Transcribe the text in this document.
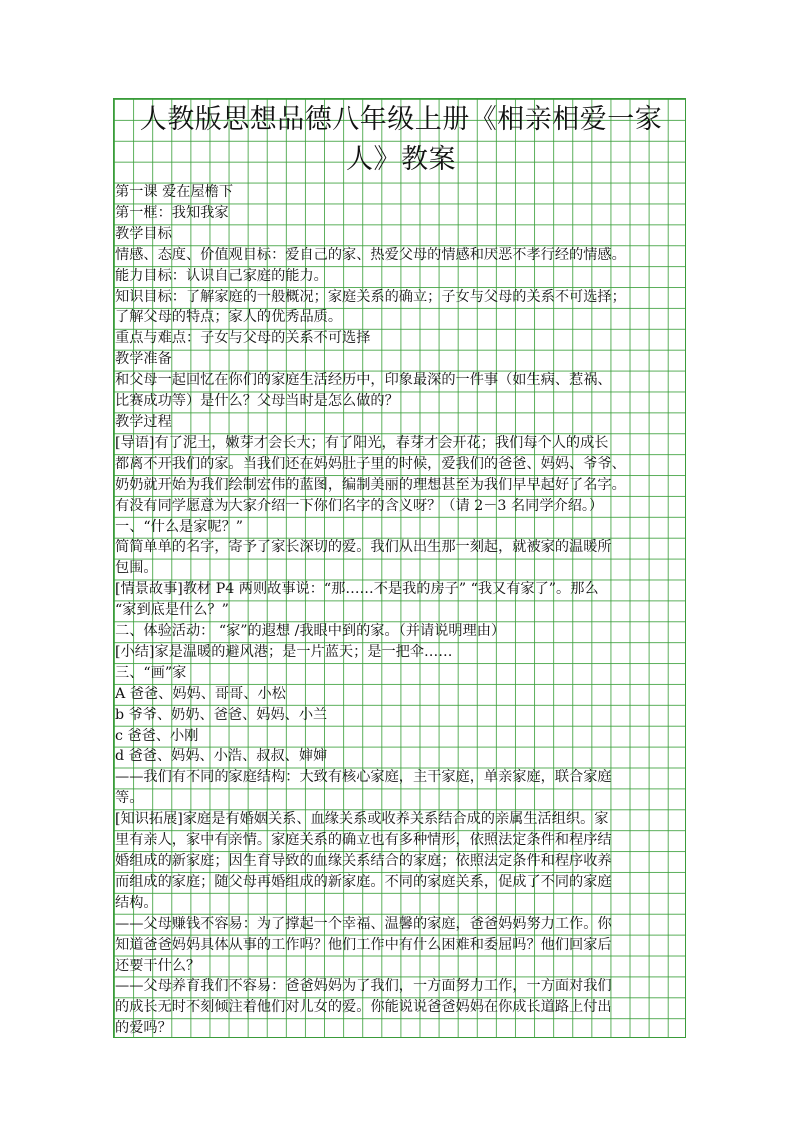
人教版思想品德八年级上册《相亲相爱一家
人》教案
第一课 爱在屋檐下
第一框：我知我家
教学目标
情感、态度、价值观目标：爱自己的家、热爱父母的情感和厌恶不孝行经的情感。
能力目标：认识自己家庭的能力。
知识目标：了解家庭的一般概况；家庭关系的确立；子女与父母的关系不可选择；
了解父母的特点；家人的优秀品质。
重点与难点：子女与父母的关系不可选择
教学准备
和父母一起回忆在你们的家庭生活经历中，印象最深的一件事（如生病、惹祸、
比赛成功等）是什么？父母当时是怎么做的？
教学过程
[导语]有了泥土，嫩芽才会长大；有了阳光，春芽才会开花；我们每个人的成长
都离不开我们的家。当我们还在妈妈肚子里的时候，爱我们的爸爸、妈妈、爷爷、
奶奶就开始为我们绘制宏伟的蓝图，编制美丽的理想甚至为我们早早起好了名字。
有没有同学愿意为大家介绍一下你们名字的含义呀？（请 2－3 名同学介绍。）
一、“什么是家呢？”
简简单单的名字，寄予了家长深切的爱。我们从出生那一刻起，就被家的温暖所
包围。
[情景故事]教材 P4 两则故事说：“那……不是我的房子” “我又有家了”。那么
“家到底是什么？”
二、体验活动： “家”的遐想 /我眼中到的家。（并请说明理由）
[小结]家是温暖的避风港；是一片蓝天；是一把伞……
三、“画”家
A 爸爸、妈妈、哥哥、小松
b 爷爷、奶奶、爸爸、妈妈、小兰
c 爸爸、小刚
d 爸爸、妈妈、小浩、叔叔、婶婶
——我们有不同的家庭结构：大致有核心家庭，主干家庭，单亲家庭，联合家庭
等。
[知识拓展]家庭是有婚姻关系、血缘关系或收养关系结合成的亲属生活组织。家
里有亲人，家中有亲情。家庭关系的确立也有多种情形，依照法定条件和程序结
婚组成的新家庭；因生育导致的血缘关系结合的家庭；依照法定条件和程序收养
而组成的家庭；随父母再婚组成的新家庭。不同的家庭关系，促成了不同的家庭
结构。
——父母赚钱不容易：为了撑起一个幸福、温馨的家庭，爸爸妈妈努力工作。你
知道爸爸妈妈具体从事的工作吗？他们工作中有什么困难和委屈吗？他们回家后
还要干什么？
——父母养育我们不容易：爸爸妈妈为了我们，一方面努力工作，一方面对我们
的成长无时不刻倾注着他们对儿女的爱。你能说说爸爸妈妈在你成长道路上付出
的爱吗？
